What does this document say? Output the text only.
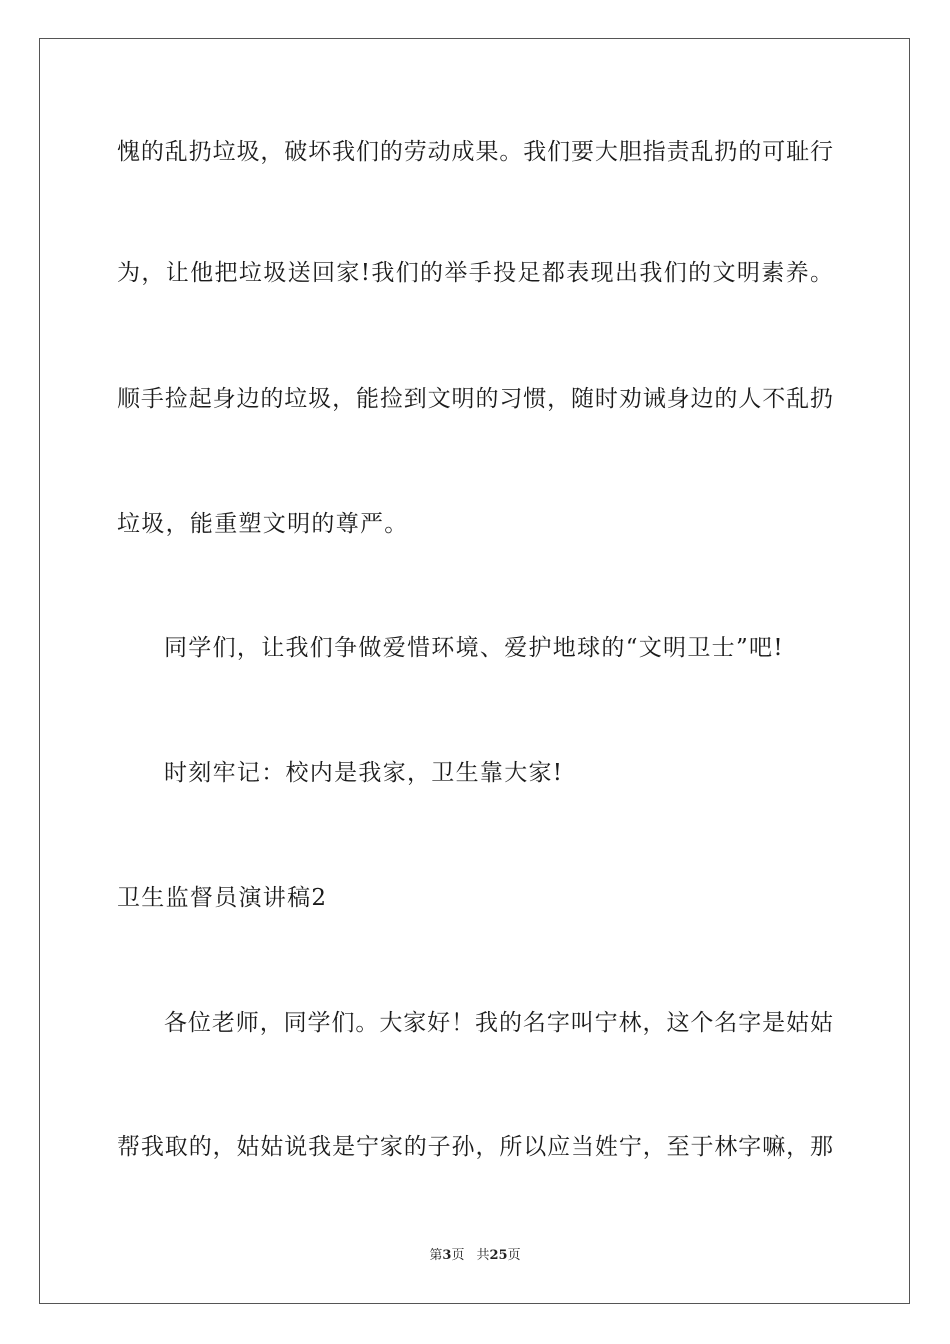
愧的乱扔垃圾，破坏我们的劳动成果。我们要大胆指责乱扔的可耻行
为，让他把垃圾送回家!我们的举手投足都表现出我们的文明素养。
顺手捡起身边的垃圾，能捡到文明的习惯，随时劝诫身边的人不乱扔
垃圾，能重塑文明的尊严。
同学们，让我们争做爱惜环境、爱护地球的“文明卫士”吧!
时刻牢记：校内是我家，卫生靠大家!
卫生监督员演讲稿2
各位老师，同学们。大家好！我的名字叫宁林，这个名字是姑姑
帮我取的，姑姑说我是宁家的子孙，所以应当姓宁，至于林字嘛，那
第3页 共25页
